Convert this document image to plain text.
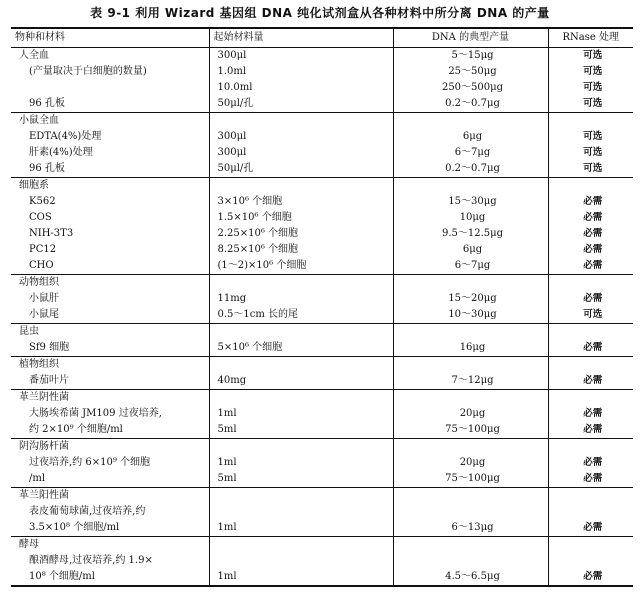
表 9-1 利用 Wizard 基因组 DNA 纯化试剂盒从各种材料中所分离 DNA 的产量
物种和材料	起始材料量	DNA 的典型产量	RNase 处理
人全血	300μl	5～15μg	可选
(产量取决于白细胞的数量)	1.0ml	25～50μg	可选
	10.0ml	250～500μg	可选
96 孔板	50μl/孔	0.2～0.7μg	可选
小鼠全血			
EDTA(4%)处理	300μl	6μg	可选
肝素(4%)处理	300μl	6～7μg	可选
96 孔板	50μl/孔	0.2～0.7μg	可选
细胞系			
K562	3×10⁶ 个细胞	15～30μg	必需
COS	1.5×10⁶ 个细胞	10μg	必需
NIH-3T3	2.25×10⁶ 个细胞	9.5～12.5μg	必需
PC12	8.25×10⁶ 个细胞	6μg	必需
CHO	(1～2)×10⁶ 个细胞	6～7μg	必需
动物组织			
小鼠肝	11mg	15～20μg	必需
小鼠尾	0.5～1cm 长的尾	10～30μg	可选
昆虫			
Sf9 细胞	5×10⁶ 个细胞	16μg	必需
植物组织			
番茄叶片	40mg	7～12μg	必需
革兰阴性菌			
大肠埃希菌 JM109 过夜培养,	1ml	20μg	必需
约 2×10⁹ 个细胞/ml	5ml	75～100μg	必需
阴沟肠杆菌			
过夜培养,约 6×10⁹ 个细胞	1ml	20μg	必需
/ml	5ml	75～100μg	必需
革兰阳性菌			
表皮葡萄球菌,过夜培养,约			
3.5×10⁸ 个细胞/ml	1ml	6～13μg	必需
酵母			
酿酒酵母,过夜培养,约 1.9×			
10⁸ 个细胞/ml	1ml	4.5～6.5μg	必需
